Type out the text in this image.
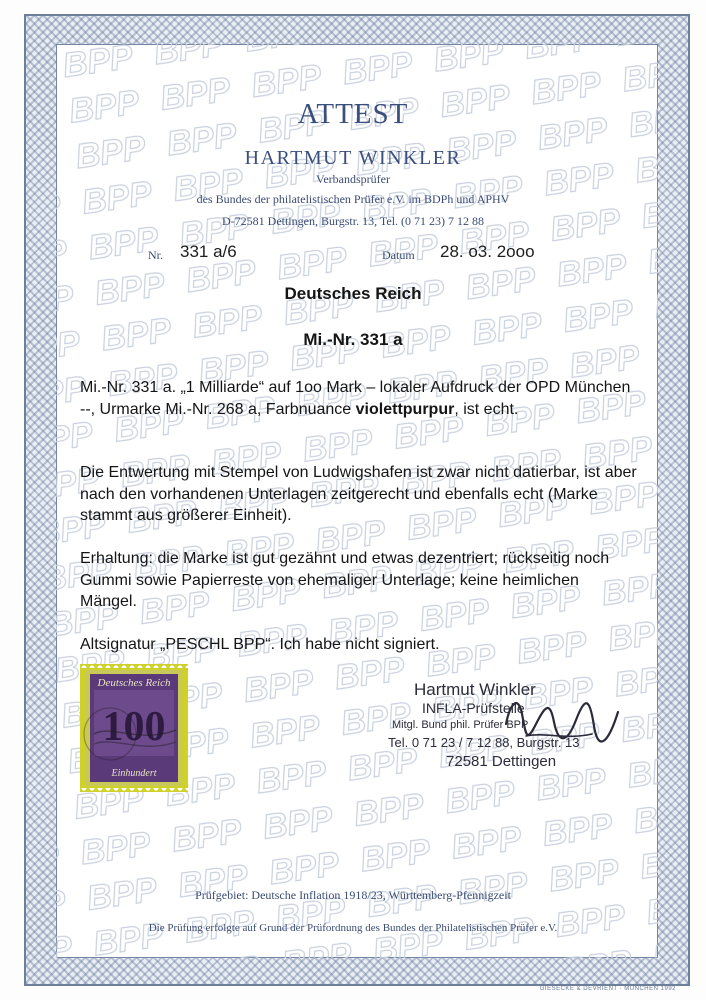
ATTEST
HARTMUT WINKLER
Verbandsprüfer
des Bundes der philatelistischen Prüfer e.V. im BDPh und APHV
D-72581 Dettingen, Burgstr. 13, Tel. (0 71 23) 7 12 88
Nr. 331 a/6	Datum 28. o3. 2ooo
Deutsches Reich
Mi.-Nr. 331 a
Mi.-Nr. 331 a. „1 Milliarde“ auf 1oo Mark – lokaler Aufdruck der OPD München --, Urmarke Mi.-Nr. 268 a, Farbnuance violettpurpur, ist echt.
Die Entwertung mit Stempel von Ludwigshafen ist zwar nicht datierbar, ist aber nach den vorhandenen Unterlagen zeitgerecht und ebenfalls echt (Marke stammt aus größerer Einheit).
Erhaltung: die Marke ist gut gezähnt und etwas dezentriert; rückseitig noch Gummi sowie Papierreste von ehemaliger Unterlage; keine heimlichen Mängel.
Altsignatur „PESCHL BPP“. Ich habe nicht signiert.
Deutsches Reich
100
Einhundert
Hartmut Winkler
INFLA-Prüfstelle
Mitgl. Bund phil. Prüfer BPP
Tel. 0 71 23 / 7 12 88, Burgstr. 13
72581 Dettingen
Prüfgebiet: Deutsche Inflation 1918/23, Württemberg-Pfennigzeit
Die Prüfung erfolgte auf Grund der Prüfordnung des Bundes der Philatelistischen Prüfer e.V.
GIESECKE & DEVRIENT · MÜNCHEN 1992
